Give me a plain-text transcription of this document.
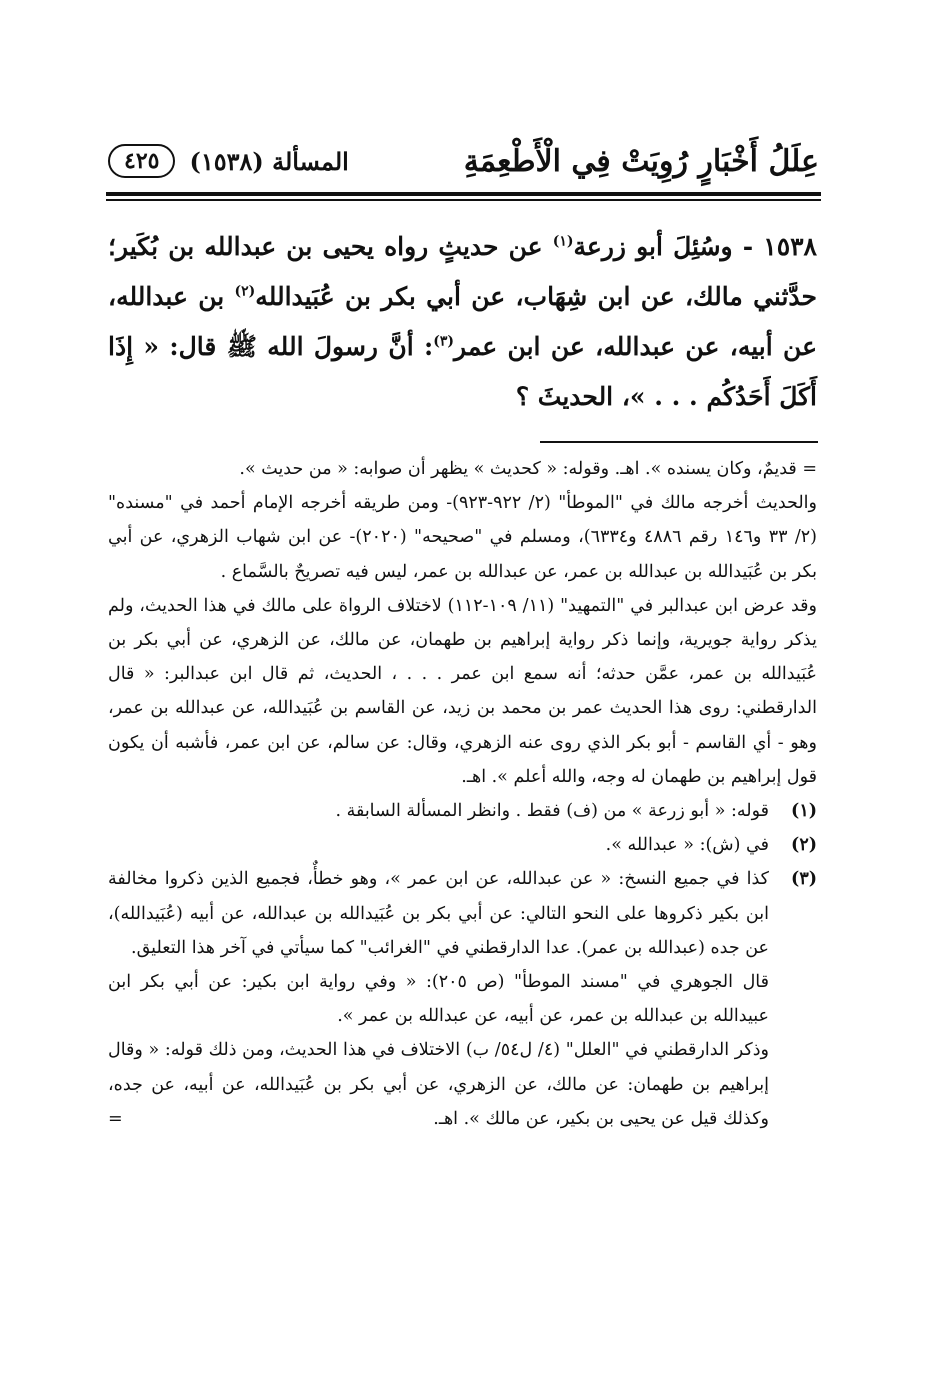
عِلَلُ أَخْبَارٍ رُوِيَتْ فِي الْأَطْعِمَةِ
المسألة (١٥٣٨)
٤٢٥

١٥٣٨ - وسُئِلَ أبو زرعة$^{(١)}$ عن حديثٍ رواه يحيى بن عبدالله بن بُكَير؛ حدَّثني مالك، عن ابن شِهَاب، عن أبي بكر بن عُبَيدالله$^{(٢)}$ بن عبدالله، عن أبيه، عن عبدالله، عن ابن عمر$^{(٣)}$: أنَّ رسولَ الله ﷺ قال: « إِذَا أَكَلَ أَحَدُكُم . . . »، الحديثَ ؟

= قديمٌ، وكان يسنده ». اهـ. وقوله: « كحديث » يظهر أن صوابه: « من حديث ».

والحديث أخرجه مالك في "الموطأ" (٢/ ٩٢٢-٩٢٣)- ومن طريقه أخرجه الإمام أحمد في "مسنده" (٢/ ٣٣ و١٤٦ رقم ٤٨٨٦ و٦٣٣٤)، ومسلم في "صحيحه" (٢٠٢٠)- عن ابن شهاب الزهري، عن أبي بكر بن عُبَيدالله بن عبدالله بن عمر، عن عبدالله بن عمر، ليس فيه تصريحٌ بالسَّماع .

وقد عرض ابن عبدالبر في "التمهيد" (١١/ ١٠٩-١١٢) لاختلاف الرواة على مالك في هذا الحديث، ولم يذكر رواية جويرية، وإنما ذكر رواية إبراهيم بن طهمان، عن مالك، عن الزهري، عن أبي بكر بن عُبَيدالله بن عمر، عمَّن حدثه؛ أنه سمع ابن عمر . . . ، الحديث، ثم قال ابن عبدالبر: « قال الدارقطني: روى هذا الحديث عمر بن محمد بن زيد، عن القاسم بن عُبَيدالله، عن عبدالله بن عمر، وهو - أي القاسم - أبو بكر الذي روى عنه الزهري، وقال: عن سالم، عن ابن عمر، فأشبه أن يكون قول إبراهيم بن طهمان له وجه، والله أعلم ». اهـ.

(١)
قوله: « أبو زرعة » من (ف) فقط . وانظر المسألة السابقة .
(٢)
في (ش): « عبدالله ».
(٣)
كذا في جميع النسخ: « عن عبدالله، عن ابن عمر »، وهو خطأٌ، فجميع الذين ذكروا مخالفة ابن بكير ذكروها على النحو التالي: عن أبي بكر بن عُبَيدالله بن عبدالله، عن أبيه (عُبَيدالله)، عن جده (عبدالله بن عمر). عدا الدارقطني في "الغرائب" كما سيأتي في آخر هذا التعليق.

قال الجوهري في "مسند الموطأ" (ص ٢٠٥): « وفي رواية ابن بكير: عن أبي بكر ابن عبيدالله بن عبدالله بن عمر، عن أبيه، عن عبدالله بن عمر ».

وذكر الدارقطني في "العلل" (٤/ ل٥٤/ ب) الاختلاف في هذا الحديث، ومن ذلك قوله: « وقال إبراهيم بن طهمان: عن مالك، عن الزهري، عن أبي بكر بن عُبَيدالله، عن أبيه، عن جده، وكذلك قيل عن يحيى بن بكير، عن مالك ». اهـ.
=
